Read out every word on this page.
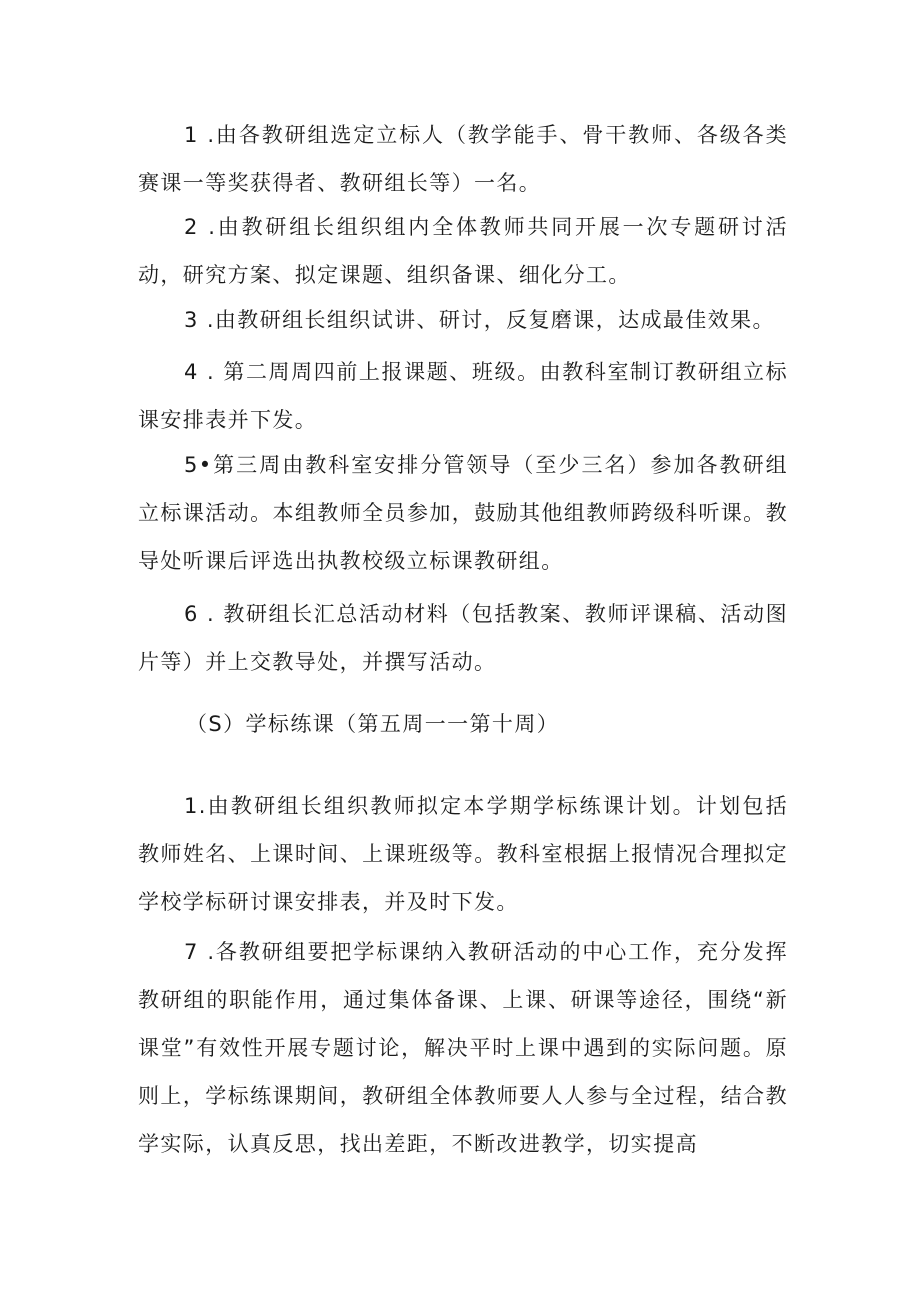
1 .由各教研组选定立标人（教学能手、骨干教师、各级各类赛课一等奖获得者、教研组长等）一名。

2 .由教研组长组织组内全体教师共同开展一次专题研讨活动，研究方案、拟定课题、组织备课、细化分工。

3 .由教研组长组织试讲、研讨，反复磨课，达成最佳效果。

4 . 第二周周四前上报课题、班级。由教科室制订教研组立标课安排表并下发。

5•第三周由教科室安排分管领导（至少三名）参加各教研组立标课活动。本组教师全员参加，鼓励其他组教师跨级科听课。教导处听课后评选出执教校级立标课教研组。

6 . 教研组长汇总活动材料（包括教案、教师评课稿、活动图片等）并上交教导处，并撰写活动。

（S）学标练课（第五周一一第十周）

1.由教研组长组织教师拟定本学期学标练课计划。计划包括教师姓名、上课时间、上课班级等。教科室根据上报情况合理拟定学校学标研讨课安排表，并及时下发。

7 .各教研组要把学标课纳入教研活动的中心工作，充分发挥教研组的职能作用，通过集体备课、上课、研课等途径，围绕“新课堂”有效性开展专题讨论，解决平时上课中遇到的实际问题。原则上，学标练课期间，教研组全体教师要人人参与全过程，结合教学实际，认真反思，找出差距，不断改进教学，切实提高
